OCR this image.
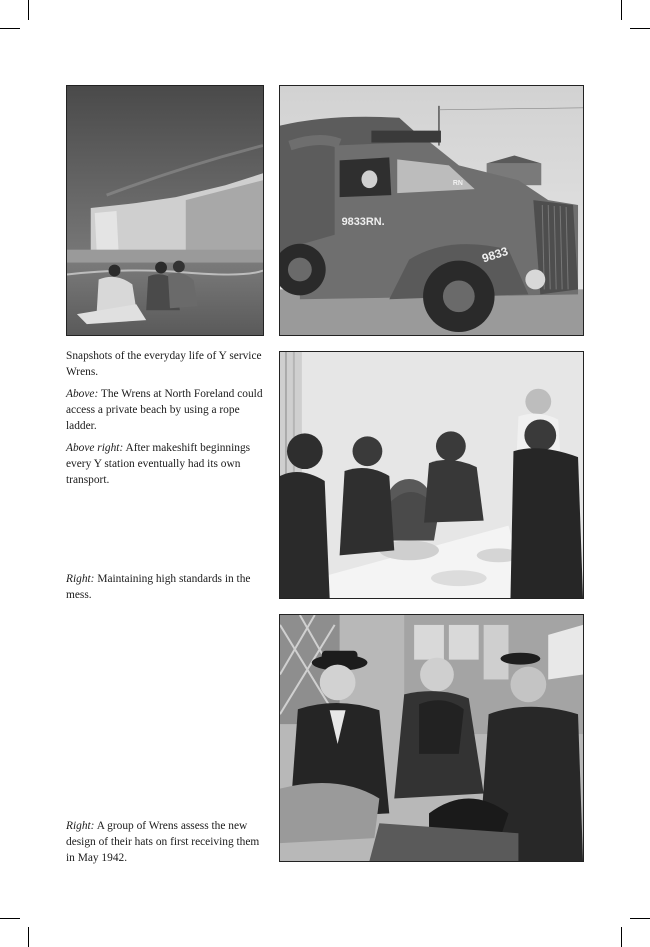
9833RN.
9833
RN

Snapshots of the everyday life of Y service Wrens.

Above: The Wrens at North Foreland could access a private beach by using a rope ladder.

Above right: After makeshift beginnings every Y station eventually had its own transport.

Right: Maintaining high standards in the mess.

Right: A group of Wrens assess the new design of their hats on first receiving them in May 1942.
